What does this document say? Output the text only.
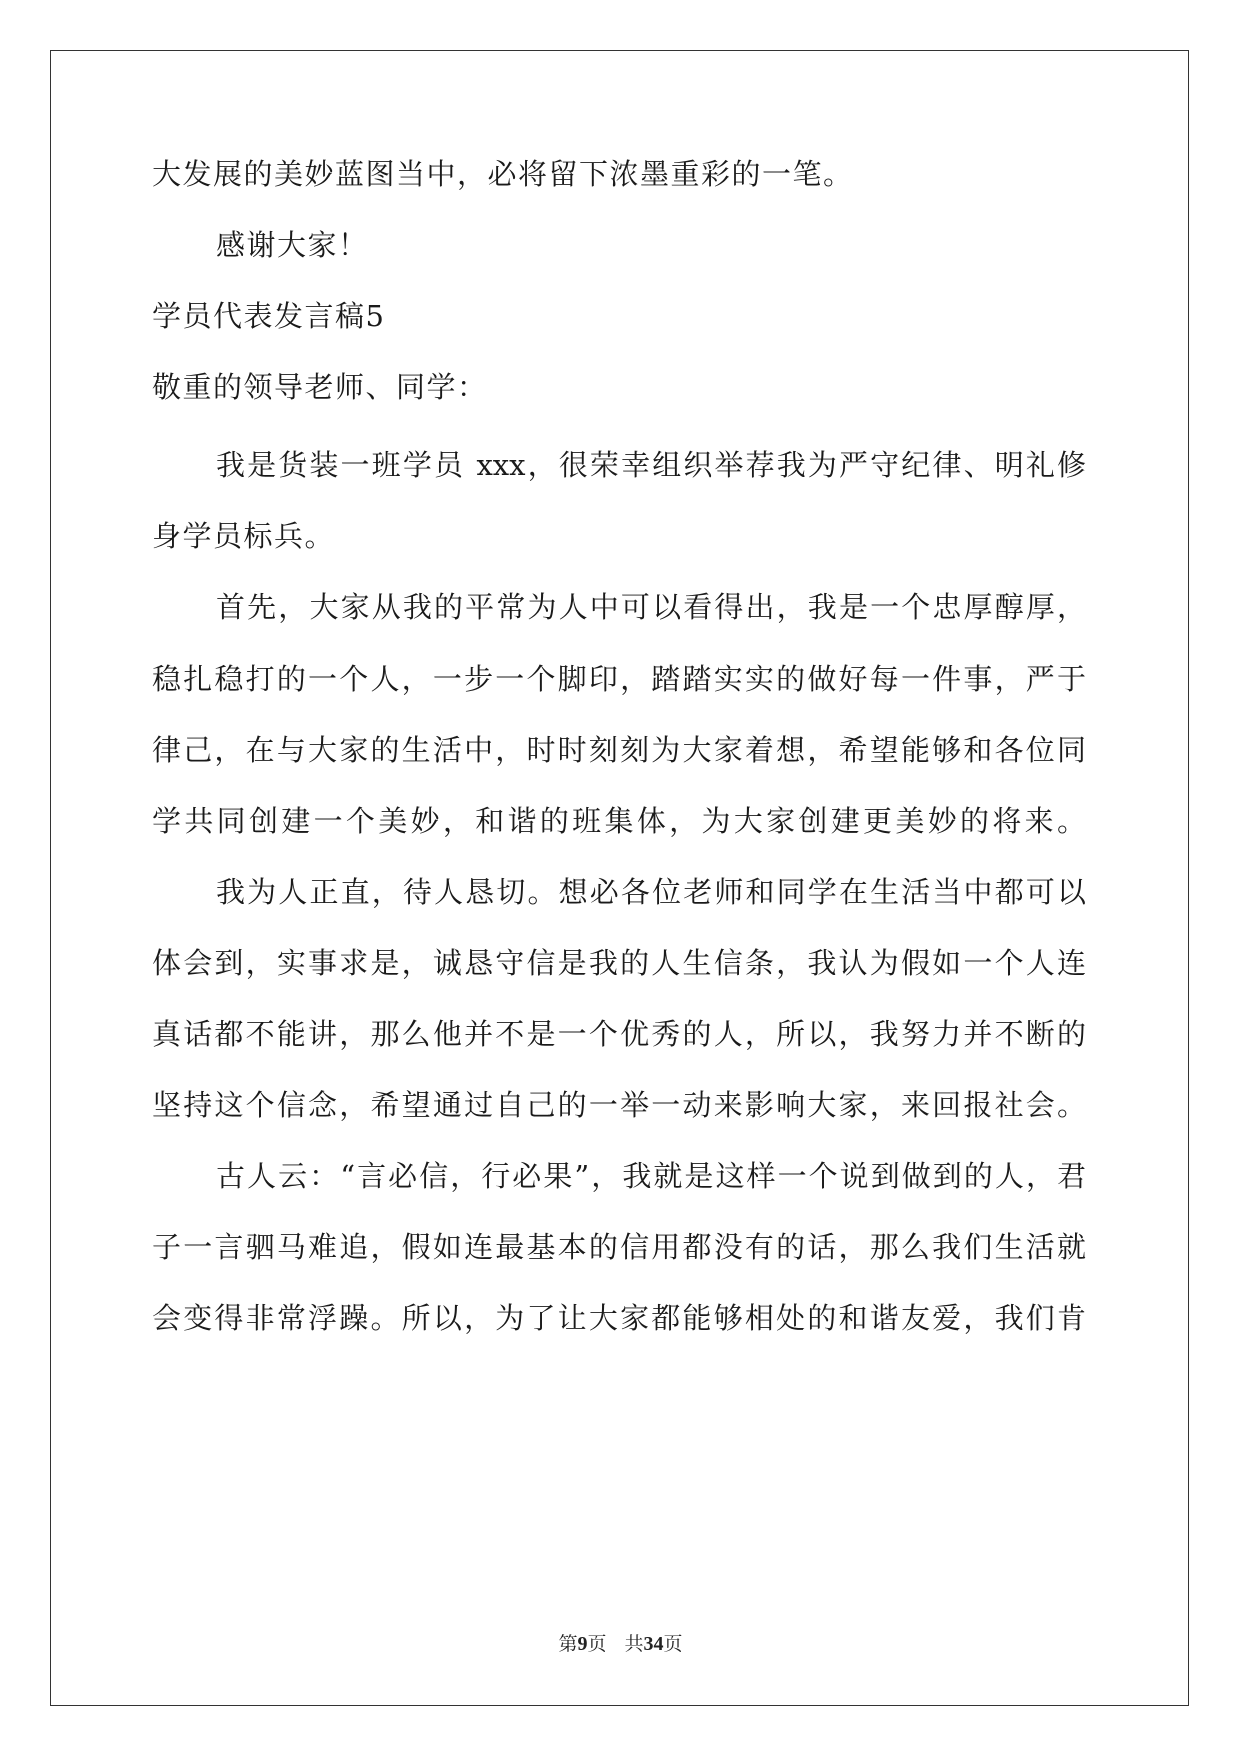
大发展的美妙蓝图当中，必将留下浓墨重彩的一笔。
感谢大家！
学员代表发言稿5
敬重的领导老师、同学：
我是货装一班学员 xxx，很荣幸组织举荐我为严守纪律、明礼修
身学员标兵。
首先，大家从我的平常为人中可以看得出，我是一个忠厚醇厚，
稳扎稳打的一个人，一步一个脚印，踏踏实实的做好每一件事，严于
律己，在与大家的生活中，时时刻刻为大家着想，希望能够和各位同
学共同创建一个美妙，和谐的班集体，为大家创建更美妙的将来。
我为人正直，待人恳切。想必各位老师和同学在生活当中都可以
体会到，实事求是，诚恳守信是我的人生信条，我认为假如一个人连
真话都不能讲，那么他并不是一个优秀的人，所以，我努力并不断的
坚持这个信念，希望通过自己的一举一动来影响大家，来回报社会。
古人云：“言必信，行必果”，我就是这样一个说到做到的人，君
子一言驷马难追，假如连最基本的信用都没有的话，那么我们生活就
会变得非常浮躁。所以，为了让大家都能够相处的和谐友爱，我们肯
第9页 共34页
